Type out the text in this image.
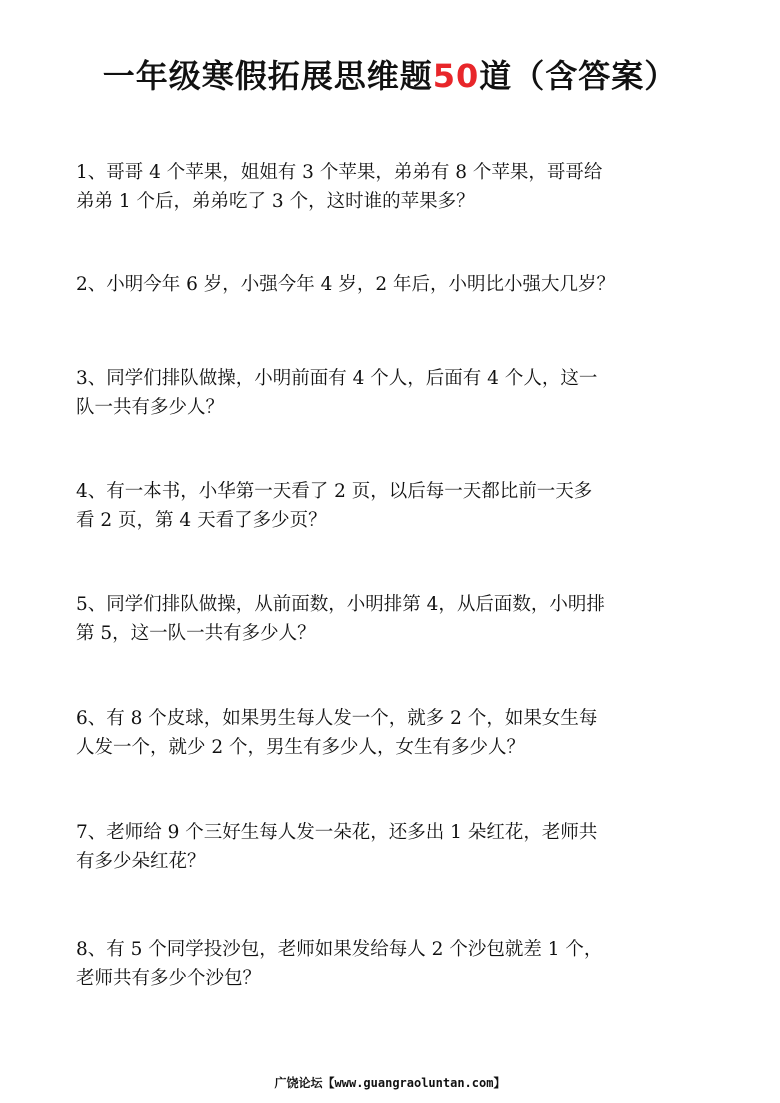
一年级寒假拓展思维题50道（含答案）
1、哥哥 4 个苹果，姐姐有 3 个苹果，弟弟有 8 个苹果，哥哥给
弟弟 1 个后，弟弟吃了 3 个，这时谁的苹果多？
2、小明今年 6 岁，小强今年 4 岁，2 年后，小明比小强大几岁？
3、同学们排队做操，小明前面有 4 个人，后面有 4 个人，这一
队一共有多少人？
4、有一本书，小华第一天看了 2 页，以后每一天都比前一天多
看 2 页，第 4 天看了多少页？
5、同学们排队做操，从前面数，小明排第 4，从后面数，小明排
第 5，这一队一共有多少人？
6、有 8 个皮球，如果男生每人发一个，就多 2 个，如果女生每
人发一个，就少 2 个，男生有多少人，女生有多少人？
7、老师给 9 个三好生每人发一朵花，还多出 1 朵红花，老师共
有多少朵红花？
8、有 5 个同学投沙包，老师如果发给每人 2 个沙包就差 1 个，
老师共有多少个沙包？
广饶论坛【www.guangraoluntan.com】
